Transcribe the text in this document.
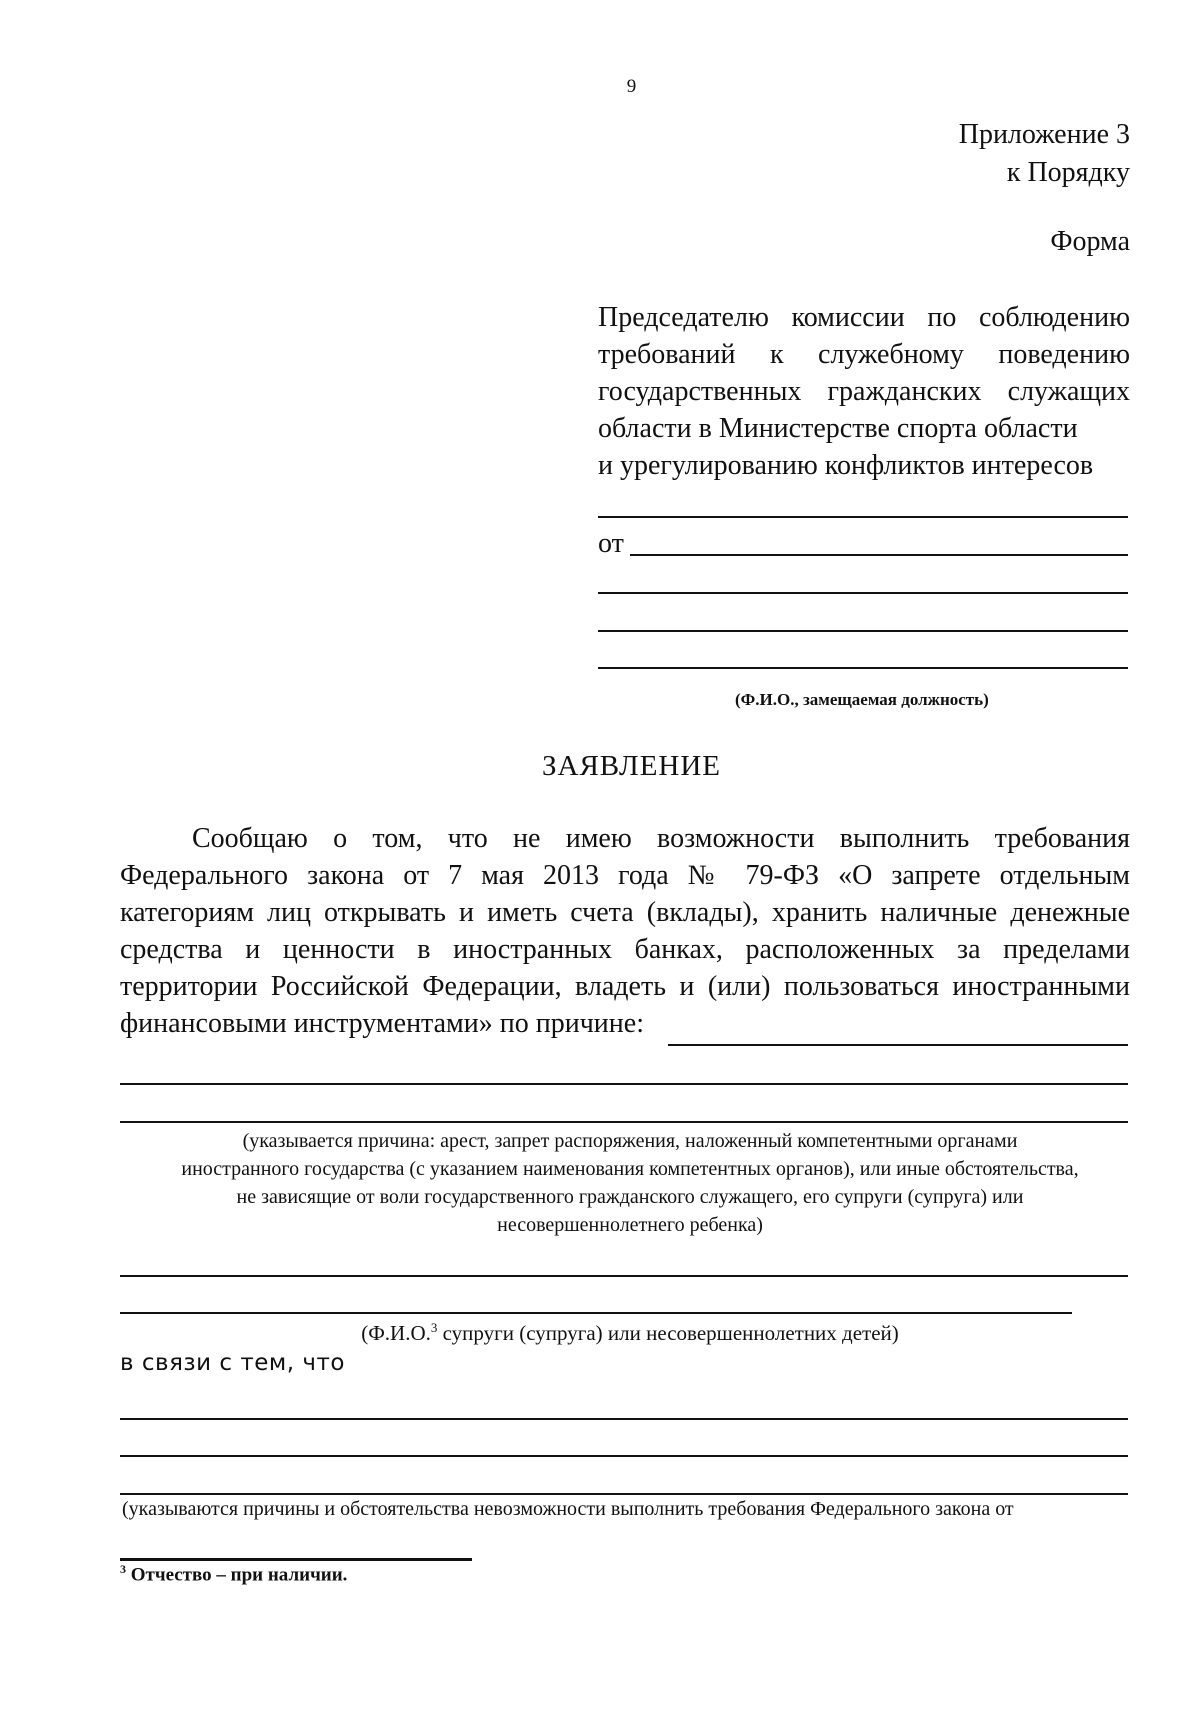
9
Приложение 3
к Порядку
Форма
Председателю комиссии по соблюдению
требований к служебному поведению
государственных гражданских служащих
области в Министерстве спорта области
и урегулированию конфликтов интересов
от
(Ф.И.О., замещаемая должность)
ЗАЯВЛЕНИЕ
Сообщаю о том, что не имею возможности выполнить требования
Федерального закона от 7 мая 2013 года № 79-ФЗ «О запрете отдельным
категориям лиц открывать и иметь счета (вклады), хранить наличные денежные
средства и ценности в иностранных банках, расположенных за пределами
территории Российской Федерации, владеть и (или) пользоваться иностранными
финансовыми инструментами» по причине:
(указывается причина: арест, запрет распоряжения, наложенный компетентными органами
иностранного государства (с указанием наименования компетентных органов), или иные обстоятельства,
не зависящие от воли государственного гражданского служащего, его супруги (супруга) или
несовершеннолетнего ребенка)
(Ф.И.О.$^3$ супруги (супруга) или несовершеннолетних детей)
в связи с тем, что
(указываются причины и обстоятельства невозможности выполнить требования Федерального закона от
$^3$ Отчество – при наличии.
